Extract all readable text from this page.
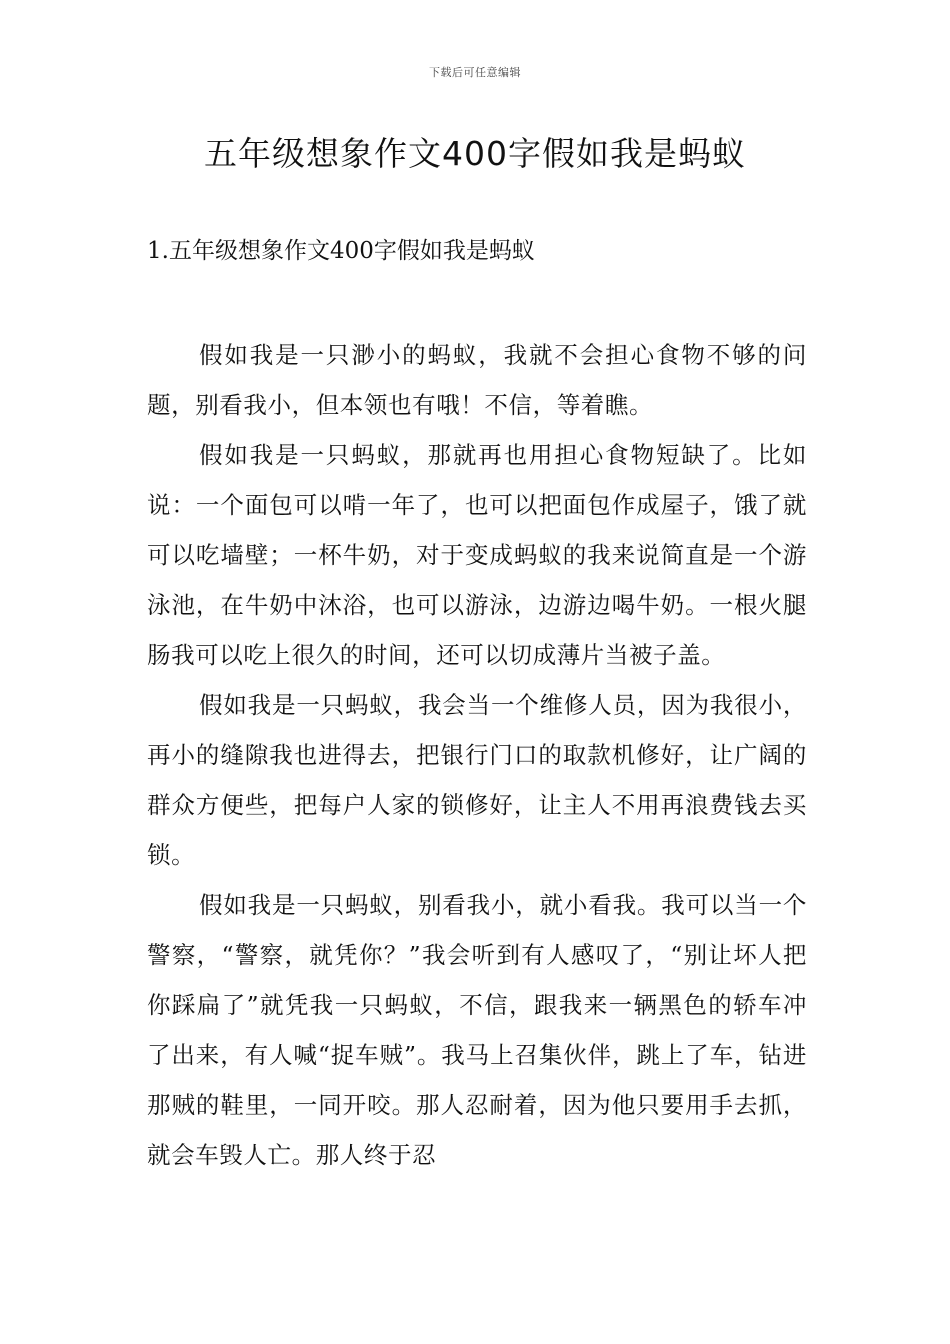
下载后可任意编辑
五年级想象作文400字假如我是蚂蚁
1.五年级想象作文400字假如我是蚂蚁

假如我是一只渺小的蚂蚁，我就不会担心食物不够的问题，别看我小，但本领也有哦！不信，等着瞧。

假如我是一只蚂蚁，那就再也用担心食物短缺了。比如说：一个面包可以啃一年了，也可以把面包作成屋子，饿了就可以吃墙壁；一杯牛奶，对于变成蚂蚁的我来说简直是一个游泳池，在牛奶中沐浴，也可以游泳，边游边喝牛奶。一根火腿肠我可以吃上很久的时间，还可以切成薄片当被子盖。

假如我是一只蚂蚁，我会当一个维修人员，因为我很小，再小的缝隙我也进得去，把银行门口的取款机修好，让广阔的群众方便些，把每户人家的锁修好，让主人不用再浪费钱去买锁。

假如我是一只蚂蚁，别看我小，就小看我。我可以当一个警察，“警察，就凭你？”我会听到有人感叹了，“别让坏人把你踩扁了”就凭我一只蚂蚁，不信，跟我来一辆黑色的轿车冲了出来，有人喊“捉车贼”。我马上召集伙伴，跳上了车，钻进那贼的鞋里，一同开咬。那人忍耐着，因为他只要用手去抓，就会车毁人亡。那人终于忍
